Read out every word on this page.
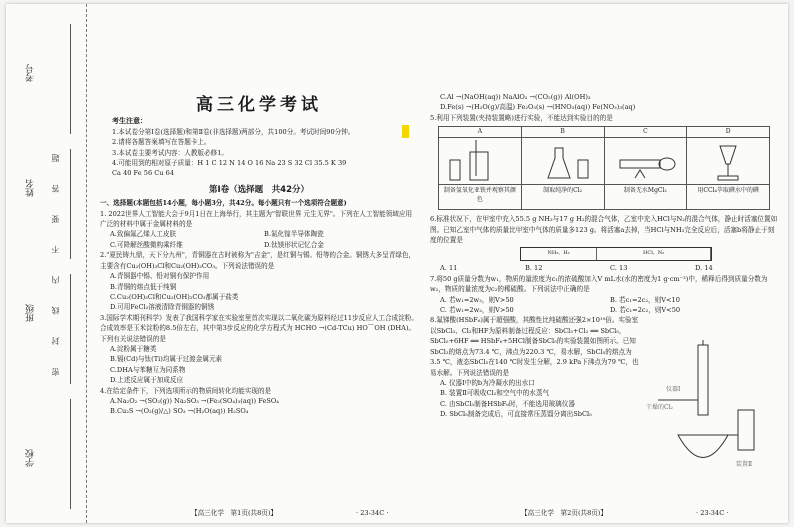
考号
姓名
班级
学校
密 封 线 内 不 要 答 题
高三化学考试
考生注意：
1.本试卷分第Ⅰ卷(选择题)和第Ⅱ卷(非选择题)两部分，共100分。考试时间90分钟。
2.请将各题答案填写在答题卡上。
3.本试卷主要考试内容：人教版必修1。
4.可能用到的相对原子质量：H 1 C 12 N 14 O 16 Na 23 S 32 Cl 35.5 K 39
Ca 40 Fe 56 Cu 64
第Ⅰ卷（选择题　共42分）
一、选择题(本题包括14小题，每小题3分，共42分。每小题只有一个选项符合题意)

1. 2022世界人工智能大会于9月1日在上海举行，其主题为"智联世界 元生无界"。下列在人工智能领域应用广泛的材料中属于金属材料的是

A.致偏氟乙烯人工皮肤	B.氮化镓半导体陶瓷
C.可降解丝酸微构乘纤维	D.钛镁形状记忆合金

2."夏民铸九鼎，天下分九州"，青铜器在古时被称为"吉金"，是红铜与锡、铅等的合金。铜锈大多呈青绿色，主要含有Cu₂(OH)₃Cl和Cu₂(OH)₂CO₃。下列说法错误的是

A.青铜器中锡、铅对铜有保护作用
B.青铜的熔点低于纯铜
C.Cu₂(OH)₃Cl和Cu₂(OH)₂CO₃都属于盐类
D.可用FeCl₃溶液清除青铜器的铜锈

3.国际学术期刊科学》发表了我国科学家在实验室里首次实现以二氧化碳为原料经过11步反应人工合成淀粉。合成效率是玉米淀粉的8.5倍左右，其中第3步反应的化学方程式为 HCHO →(Cd-TCu) HO⌒OH (DHA)。下列有关说法错误的是

A.淀粉属于糖类
B.镉(Cd)与钛(Ti)均属于过渡金属元素
C.DHA与苯糖互为同系物
D.上述反应属于加成反应

4.在给定条件下，下列选项所示的物质间转化均能实现的是

A.Na₂O₂ →(SO₂(g)) Na₂SO₃ →(Fe₂(SO₄)₃(aq)) FeSO₄
B.Cu₂S →(O₂(g)/△) SO₃ →(H₂O(aq)) H₂SO₄
【高三化学　第1页(共8页)】	· 23-34C ·
C.Al →(NaOH(aq)) NaAlO₂ →(CO₂(g)) Al(OH)₃
D.Fe(s) →(H₂O(g)/高温) Fe₂O₃(s) →(HNO₃(aq)) Fe(NO₃)₃(aq)

5.利用下列装置(夹持装置略)进行实验，不能达到实验目的的是

A
制备氢氧化亚铁并观察其颜色
B
制取纯净的Cl₂
C
制备无水MgCl₂
D
用CCl₄萃取碘水中的碘

6.标准状况下，在甲室中充入55.5 g NH₃与17 g H₂的混合气体，乙室中充入HCl与N₂的混合气体，静止时活塞位置如图。已知乙室中气体的质量比甲室中气体的质量多123 g。将活塞a去掉，当HCl与NH₃完全反应后，活塞b将静止于刻度的位置是

NH₃、H₂	HCl、N₂
A. 11	B. 12	C. 13	D. 14

7.将50 g质量分数为w₁，物质的量浓度为c₁的浓硫酸加入V mL水(水的密度为1 g·cm⁻³)中，稀释后得到质量分数为w₂，物质的量浓度为c₂的稀硫酸。下列说法中正确的是

A. 若w₁=2w₂，则V>50	B. 若c₁=2c₂，则V<10
C. 若w₁=2w₂，则V>50	D. 若c₁=2c₂，则V<50

8.氟锑酸(HSbF₆)属于超强酸，其酸性比纯硫酸还强2×10¹⁹倍。实验室以SbCl₃、Cl₂和HF为原料制备过程反应：SbCl₃+Cl₂ ══ SbCl₅，SbCl₅+6HF ══ HSbF₆+5HCl制备SbCl₅的实验装置如图所示。已知SbCl₃的熔点为73.4 ℃，沸点为220.3 ℃，易水解，SbCl₅的熔点为3.5 ℃，液态SbCl₅在140 ℃时发生分解，2.9 kPa下沸点为79 ℃，也易水解。下列说法错误的是

A. 仪器Ⅰ中的b为冷凝水的出水口
B. 装置Ⅱ可吸收Cl₂和空气中的水蒸气
C. 由SbCl₅制备HSbF₆时，不能选用玻璃仪器
D. SbCl₅制备完成后，可直接常压蒸馏分离出SbCl₅
仪器Ⅰ
干燥的Cl₂
装置Ⅱ
【高三化学　第2页(共8页)】	· 23-34C ·
